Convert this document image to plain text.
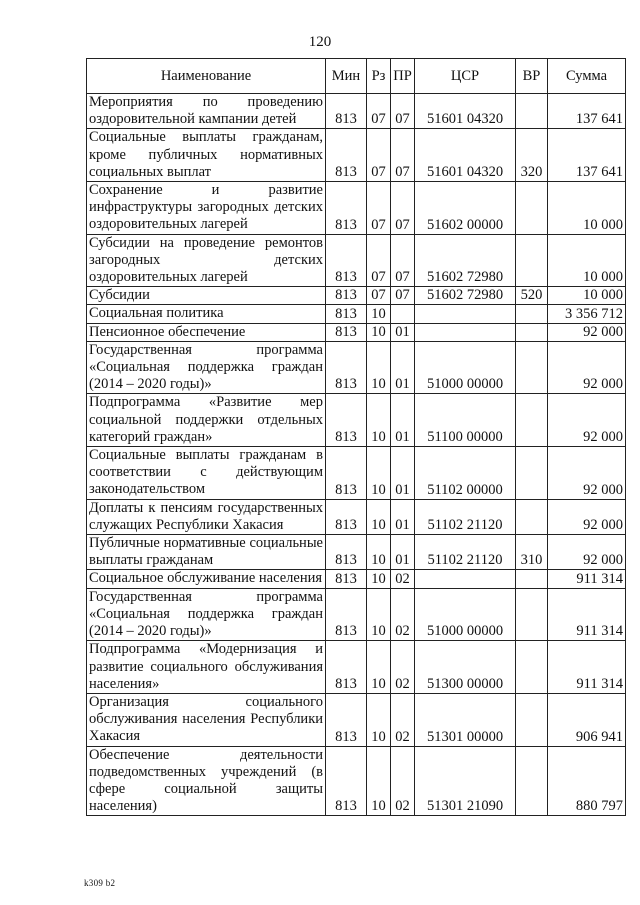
120
Наименование	Мин	Рз	ПР	ЦСР	ВР	Сумма
Мероприятия по проведению оздоровительной кампании детей	813	07	07	51601 04320		137 641
Социальные выплаты гражданам, кроме публичных нормативных социальных выплат	813	07	07	51601 04320	320	137 641
Сохранение и развитие инфраструктуры загородных детских оздоровительных лагерей	813	07	07	51602 00000		10 000
Субсидии на проведение ремонтов загородных детских оздоровительных лагерей	813	07	07	51602 72980		10 000
Субсидии	813	07	07	51602 72980	520	10 000
Социальная политика	813	10				3 356 712
Пенсионное обеспечение	813	10	01			92 000
Государственная программа «Социальная поддержка граждан (2014 – 2020 годы)»	813	10	01	51000 00000		92 000
Подпрограмма «Развитие мер социальной поддержки отдельных категорий граждан»	813	10	01	51100 00000		92 000
Социальные выплаты гражданам в соответствии с действующим законодательством	813	10	01	51102 00000		92 000
Доплаты к пенсиям государственных служащих Республики Хакасия	813	10	01	51102 21120		92 000
Публичные нормативные социальные выплаты гражданам	813	10	01	51102 21120	310	92 000
Социальное обслуживание населения	813	10	02			911 314
Государственная программа «Социальная поддержка граждан (2014 – 2020 годы)»	813	10	02	51000 00000		911 314
Подпрограмма «Модернизация и развитие социального обслуживания населения»	813	10	02	51300 00000		911 314
Организация социального обслуживания населения Республики Хакасия	813	10	02	51301 00000		906 941
Обеспечение деятельности подведомственных учреждений (в сфере социальной защиты населения)	813	10	02	51301 21090		880 797
k309 b2
